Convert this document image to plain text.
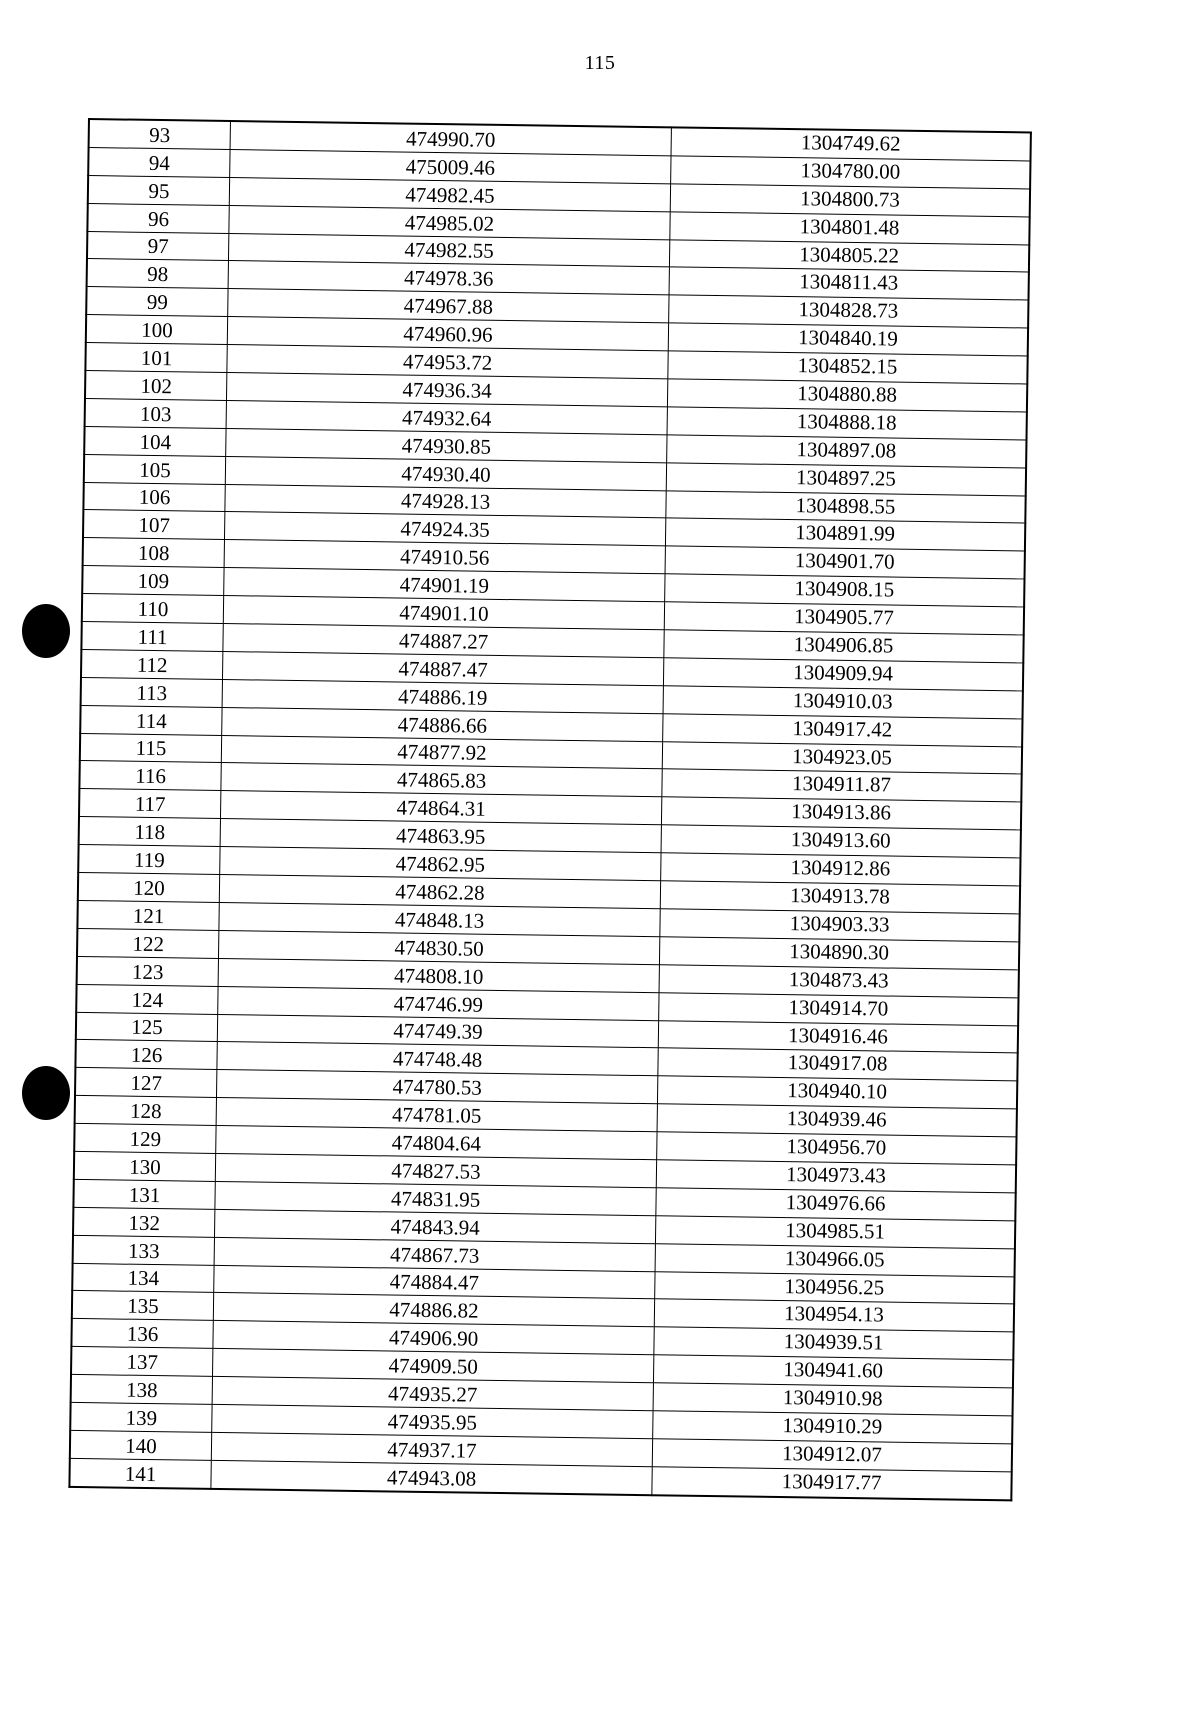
115
93	474990.70	1304749.62
94	475009.46	1304780.00
95	474982.45	1304800.73
96	474985.02	1304801.48
97	474982.55	1304805.22
98	474978.36	1304811.43
99	474967.88	1304828.73
100	474960.96	1304840.19
101	474953.72	1304852.15
102	474936.34	1304880.88
103	474932.64	1304888.18
104	474930.85	1304897.08
105	474930.40	1304897.25
106	474928.13	1304898.55
107	474924.35	1304891.99
108	474910.56	1304901.70
109	474901.19	1304908.15
110	474901.10	1304905.77
111	474887.27	1304906.85
112	474887.47	1304909.94
113	474886.19	1304910.03
114	474886.66	1304917.42
115	474877.92	1304923.05
116	474865.83	1304911.87
117	474864.31	1304913.86
118	474863.95	1304913.60
119	474862.95	1304912.86
120	474862.28	1304913.78
121	474848.13	1304903.33
122	474830.50	1304890.30
123	474808.10	1304873.43
124	474746.99	1304914.70
125	474749.39	1304916.46
126	474748.48	1304917.08
127	474780.53	1304940.10
128	474781.05	1304939.46
129	474804.64	1304956.70
130	474827.53	1304973.43
131	474831.95	1304976.66
132	474843.94	1304985.51
133	474867.73	1304966.05
134	474884.47	1304956.25
135	474886.82	1304954.13
136	474906.90	1304939.51
137	474909.50	1304941.60
138	474935.27	1304910.98
139	474935.95	1304910.29
140	474937.17	1304912.07
141	474943.08	1304917.77
